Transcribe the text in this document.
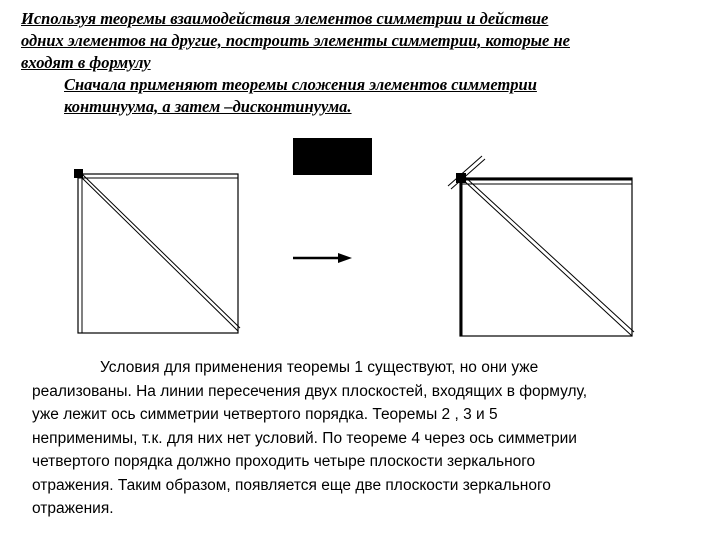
Используя теоремы взаимодействия элементов симметрии и действие
одних элементов на другие, построить элементы симметрии, которые не
входят в формулу
Сначала применяют теоремы сложения элементов симметрии
континуума, а затем –дисконтинуума.
Условия для применения теоремы 1 существуют, но они уже
реализованы. На линии пересечения двух плоскостей, входящих в формулу,
уже лежит ось симметрии четвертого порядка. Теоремы 2 , 3 и 5
неприменимы, т.к. для них нет условий. По теореме 4 через ось симметрии
четвертого порядка должно проходить четыре плоскости зеркального
отражения. Таким образом, появляется еще две плоскости зеркального
отражения.
